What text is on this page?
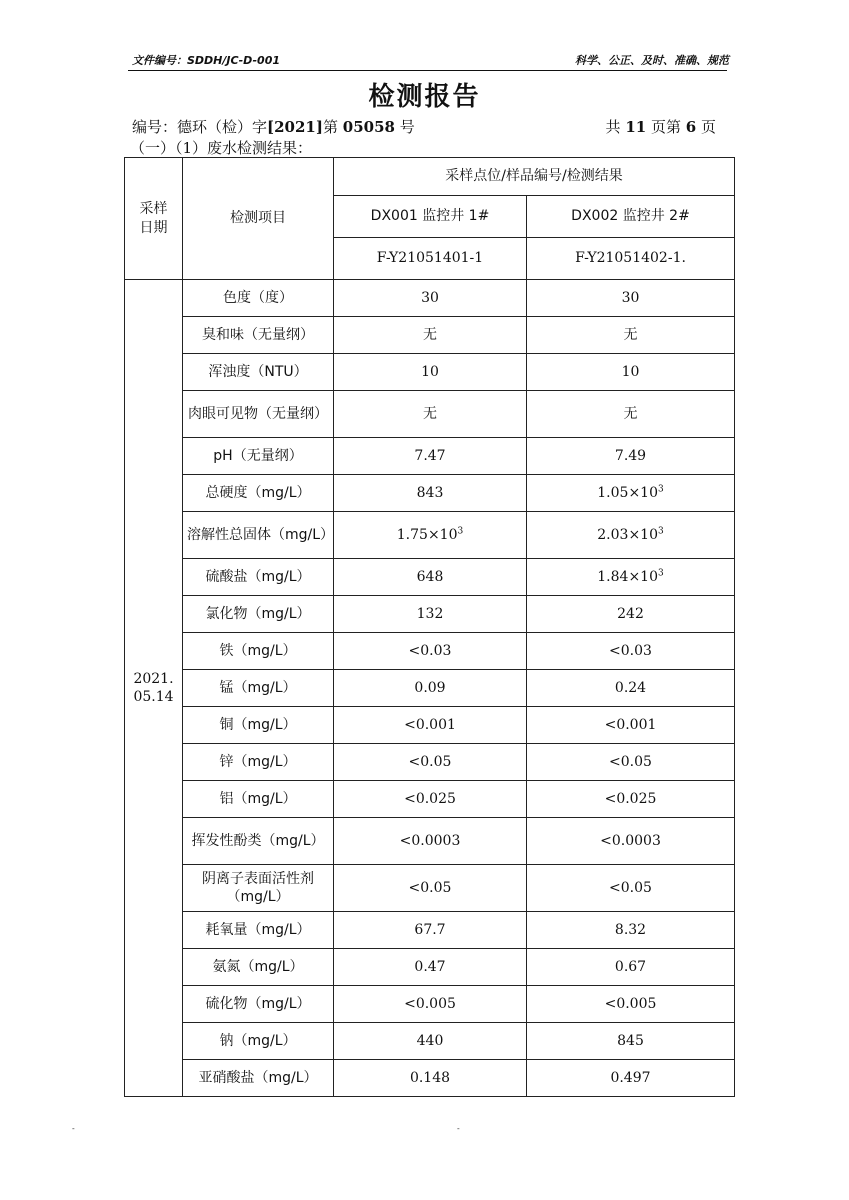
文件编号：SDDH/JC-D-001	科学、公正、及时、准确、规范
检测报告
编号：德环（检）字[2021]第 05058 号	共 11 页第 6 页
（一）（1）废水检测结果：
采样日期	检测项目	采样点位/样品编号/检测结果	
		DX001 监控井 1#	DX002 监控井 2#
		F-Y21051401-1	F-Y21051402-1.
2021.05.14	色度（度）	30	30
	臭和味（无量纲）	无	无
	浑浊度（NTU）	10	10
	肉眼可见物（无量纲）	无	无
	pH（无量纲）	7.47	7.49
	总硬度（mg/L）	843	$1.05\times 10^3$
	溶解性总固体（mg/L）	$1.75\times 10^3$	$2.03\times 10^3$
	硫酸盐（mg/L）	648	$1.84\times 10^3$
	氯化物（mg/L）	132	242
	铁（mg/L）	<0.03	<0.03
	锰（mg/L）	0.09	0.24
	铜（mg/L）	<0.001	<0.001
	锌（mg/L）	<0.05	<0.05
	铝（mg/L）	<0.025	<0.025
	挥发性酚类（mg/L）	<0.0003	<0.0003
	阴离子表面活性剂（mg/L）	<0.05	<0.05
	耗氧量（mg/L）	67.7	8.32
	氨氮（mg/L）	0.47	0.67
	硫化物（mg/L）	<0.005	<0.005
	钠（mg/L）	440	845
	亚硝酸盐（mg/L）	0.148	0.497
-	-
